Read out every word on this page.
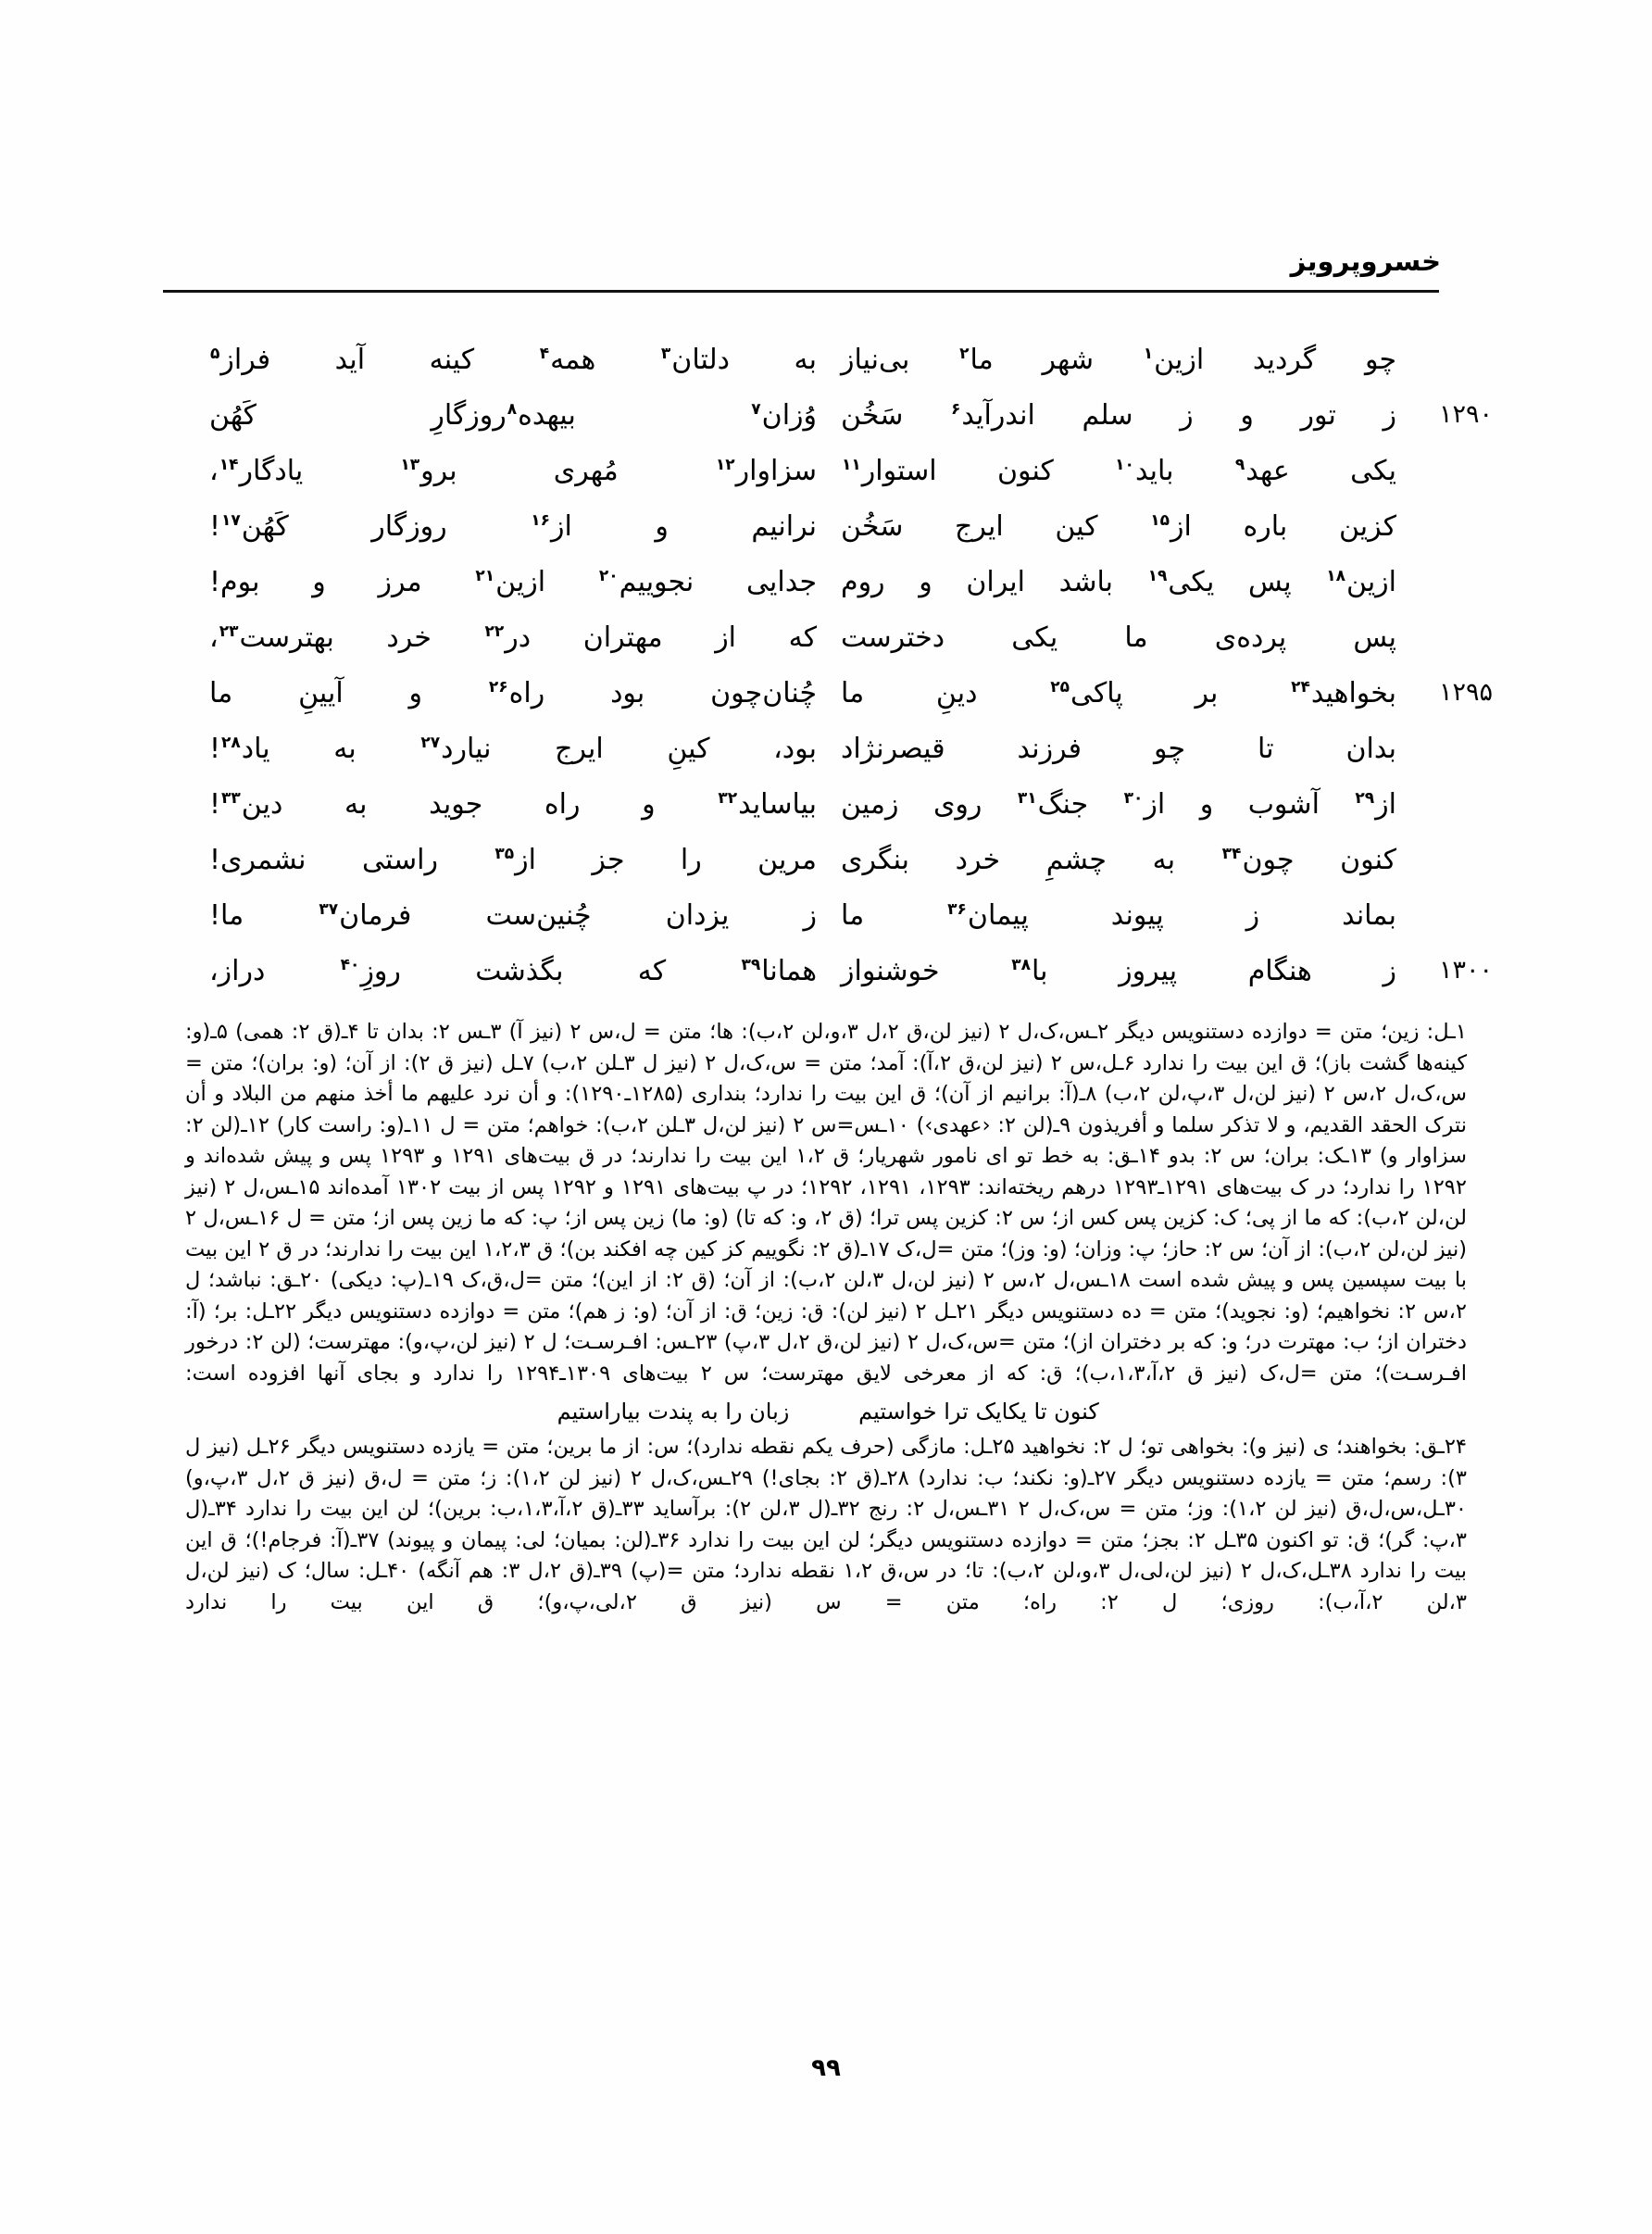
خسروپرویز
چو گردید ازین$^۱$ شهر ما$^۲$ بی‌نیاز
به دلتان$^۳$ همه$^۴$ کینه آید فراز$^۵$
۱۲۹۰
ز تور و ز سلم اندرآید$^۶$ سَخُن
وُزان$^۷$ بیهده$^۸$روزگارِ کَهُن
یکی عهد$^۹$ باید$^{۱۰}$ کنون استوار$^{۱۱}$
سزاوار$^{۱۲}$ مُهری برو$^{۱۳}$ یادگار$^{۱۴}$،
کزین باره از$^{۱۵}$ کین ایرج سَخُن
نرانیم و از$^{۱۶}$ روزگار کَهُن$^{۱۷}$!
ازین$^{۱۸}$ پس یکی$^{۱۹}$ باشد ایران و روم
جدایی نجوییم$^{۲۰}$ ازین$^{۲۱}$ مرز و بوم!
پس پرده‌ی ما یکی دخترست
که از مهتران در$^{۲۲}$ خرد بهترست$^{۲۳}$،
۱۲۹۵
بخواهید$^{۲۴}$ بر پاکی$^{۲۵}$ دینِ ما
چُنان‌چون بود راه$^{۲۶}$ و آیینِ ما
بدان تا چو فرزند قیصرنژاد
بود، کینِ ایرج نیارد$^{۲۷}$ به یاد$^{۲۸}$!
از$^{۲۹}$ آشوب و از$^{۳۰}$ جنگ$^{۳۱}$ روی زمین
بیاساید$^{۳۲}$ و راه جوید به دین$^{۳۳}$!
کنون چون$^{۳۴}$ به چشمِ خرد بنگری
مرین را جز از$^{۳۵}$ راستی نشمری!
بماند ز پیوند پیمان$^{۳۶}$ ما
ز یزدان چُنین‌ست فرمان$^{۳۷}$ ما!
۱۳۰۰
ز هنگام پیروز با$^{۳۸}$ خوشنواز
همانا$^{۳۹}$ که بگذشت روزِ$^{۴۰}$ دراز،

۱ـل: زین؛ متن = دوازده دستنویس دیگر ۲ـس،ک،ل ۲ (نیز لن،ق ۲،ل ۳،و،لن ۲،ب): ها؛ متن = ل،س ۲ (نیز آ) ۳ـس ۲: بدان تا ۴ـ(ق ۲: همی) ۵ـ(و: کینه‌ها گشت باز)؛ ق این بیت را ندارد ۶ـل،س ۲ (نیز لن،ق ۲،آ): آمد؛ متن = س،ک،ل ۲ (نیز ل ۳ـلن ۲،ب) ۷ـل (نیز ق ۲): از آن؛ (و: بران)؛ متن = س،ک،ل ۲،س ۲ (نیز لن،ل ۳،پ،لن ۲،ب) ۸ـ(آ: برانیم از آن)؛ ق این بیت را ندارد؛ بنداری (۱۲۸۵ـ۱۲۹۰): و أن نرد علیهم ما أخذ منهم من البلاد و أن نترک الحقد القدیم، و لا تذکر سلما و أفریذون ۹ـ(لن ۲: ‹عهدی›) ۱۰ـس=س ۲ (نیز لن،ل ۳ـلن ۲،ب): خواهم؛ متن = ل ۱۱ـ(و: راست کار) ۱۲ـ(لن ۲: سزاوار و) ۱۳ـک: بران؛ س ۲: بدو ۱۴ـق: به خط تو ای نامور شهریار؛ ق ۱،۲ این بیت را ندارند؛ در ق بیت‌های ۱۲۹۱ و ۱۲۹۳ پس و پیش شده‌اند و ۱۲۹۲ را ندارد؛ در ک بیت‌های ۱۲۹۱ـ۱۲۹۳ درهم ریخته‌اند: ۱۲۹۳، ۱۲۹۱، ۱۲۹۲؛ در پ بیت‌های ۱۲۹۱ و ۱۲۹۲ پس از بیت ۱۳۰۲ آمده‌اند ۱۵ـس،ل ۲ (نیز لن،لن ۲،ب): که ما از پی؛ ک: کزین پس کس از؛ س ۲: کزین پس ترا؛ (ق ۲، و: که تا) (و: ما) زین پس از؛ پ: که ما زین پس از؛ متن = ل ۱۶ـس،ل ۲ (نیز لن،لن ۲،ب): از آن؛ س ۲: حاز؛ پ: وزان؛ (و: وز)؛ متن =ل،ک ۱۷ـ(ق ۲: نگوییم کز کین چه افکند بن)؛ ق ۱،۲،۳ این بیت را ندارند؛ در ق ۲ این بیت با بیت سپسین پس و پیش شده است ۱۸ـس،ل ۲،س ۲ (نیز لن،ل ۳،لن ۲،ب): از آن؛ (ق ۲: از این)؛ متن =ل،ق،ک ۱۹ـ(پ: دیکی) ۲۰ـق: نباشد؛ ل ۲،س ۲: نخواهیم؛ (و: نجوید)؛ متن = ده دستنویس دیگر ۲۱ـل ۲ (نیز لن): ق: زین؛ ق: از آن؛ (و: ز هم)؛ متن = دوازده دستنویس دیگر ۲۲ـل: بر؛ (آ: دختران از؛ ب: مهترت در؛ و: که بر دختران از)؛ متن =س،ک،ل ۲ (نیز لن،ق ۲،ل ۳،پ) ۲۳ـس: افـرسـت؛ ل ۲ (نیز لن،پ،و): مهترست؛ (لن ۲: درخور افـرسـت)؛ متن =ل،ک (نیز ق ۲،آ،۱،۳،ب)؛ ق: که از معرخی لایق مهترست؛ س ۲ بیت‌های ۱۳۰۹ـ۱۲۹۴ را ندارد و بجای آنها افزوده است:

کنون تا یکایک ترا خواستیمزبان را به پندت بیاراستیم

۲۴ـق: بخواهند؛ ی (نیز و): بخواهی تو؛ ل ۲: نخواهید ۲۵ـل: مازگی (حرف یکم نقطه ندارد)؛ س: از ما برین؛ متن = یازده دستنویس دیگر ۲۶ـل (نیز ل ۳): رسم؛ متن = یازده دستنویس دیگر ۲۷ـ(و: نکند؛ ب: ندارد) ۲۸ـ(ق ۲: بجای!) ۲۹ـس،ک،ل ۲ (نیز لن ۱،۲): ز؛ متن = ل،ق (نیز ق ۲،ل ۳،پ،و) ۳۰ـل،س،ل،ق (نیز لن ۱،۲): وز؛ متن = س،ک،ل ۲ ۳۱ـس،ل ۲: رنج ۳۲ـ(ل ۳،لن ۲): برآساید ۳۳ـ(ق ۲،آ،۱،۳،ب: برین)؛ لن این بیت را ندارد ۳۴ـ(ل ۳،پ: گر)؛ ق: تو اکنون ۳۵ـل ۲: بجز؛ متن = دوازده دستنویس دیگر؛ لن این بیت را ندارد ۳۶ـ(لن: بمیان؛ لی: پیمان و پیوند) ۳۷ـ(آ: فرجام!)؛ ق این بیت را ندارد ۳۸ـل،ک،ل ۲ (نیز لن،لی،ل ۳،و،لن ۲،ب): تا؛ در س،ق ۱،۲ نقطه ندارد؛ متن =(پ) ۳۹ـ(ق ۲،ل ۳: هم آنگه) ۴۰ـل: سال؛ ک (نیز لن،ل ۳،لن ۲،آ،ب): روزی؛ ل ۲: راه؛ متن = س (نیز ق ۲،لی،پ،و)؛ ق این بیت را ندارد

۹۹
